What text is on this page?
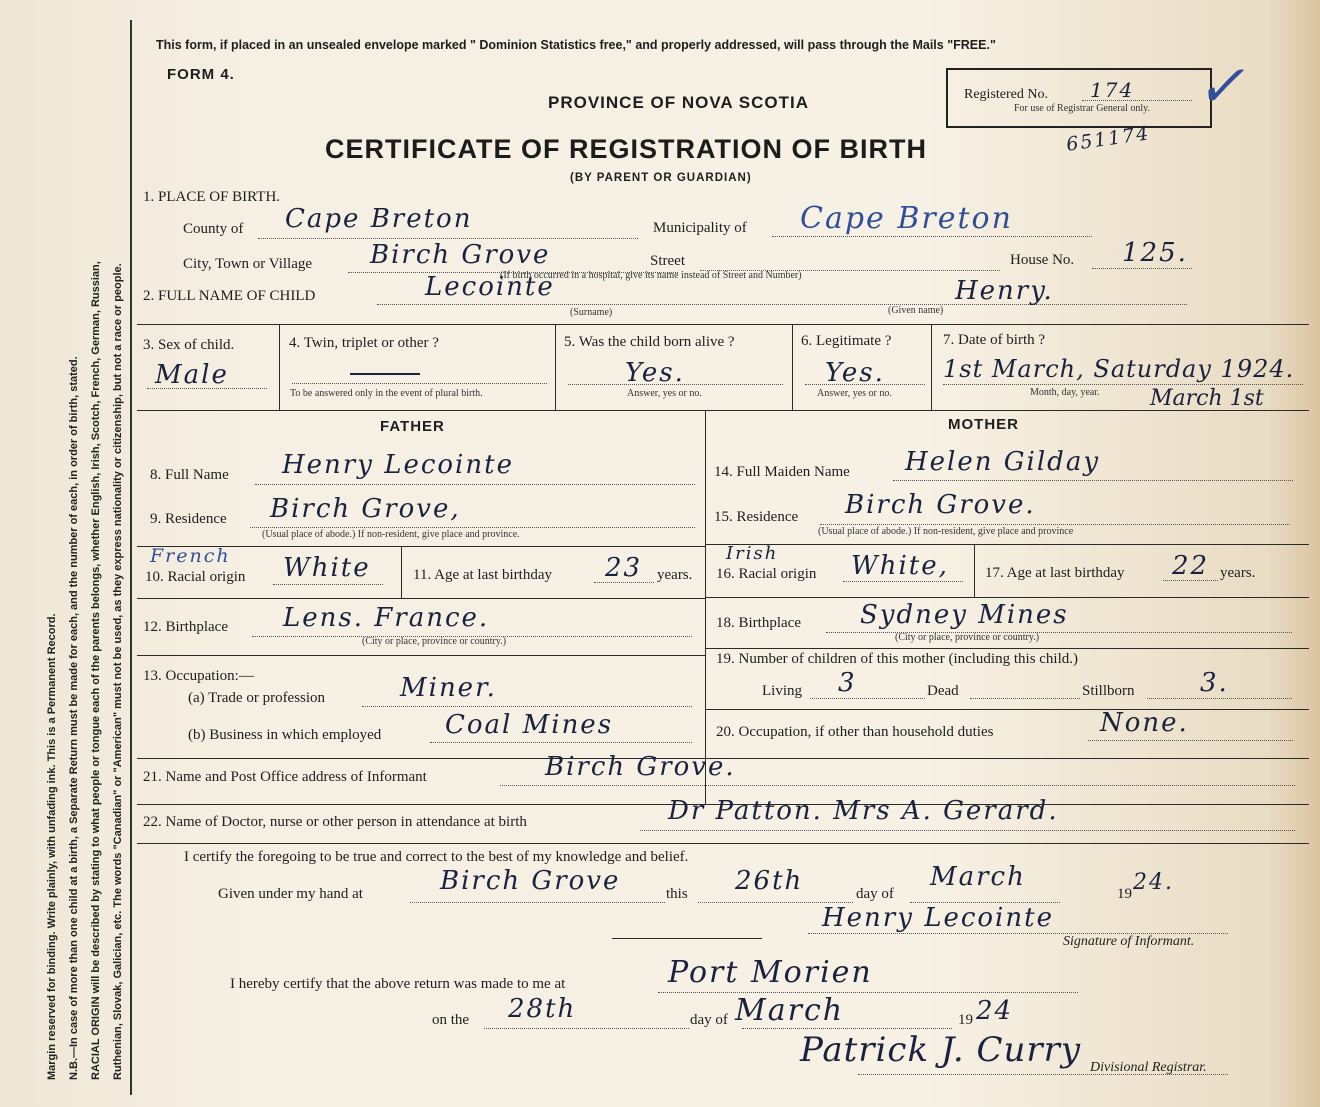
Margin reserved for binding. Write plainly, with unfading ink. This is a Permanent Record. N.B.—In case of more than one child at a birth, a Separate Return must be made for each, and the number of each, in order of birth, stated. RACIAL ORIGIN will be described by stating to what people or tongue each of the parents belongs, whether English, Irish, Scotch, French, German, Russian, Ruthenian, Slovak, Galician, etc. The words "Canadian" or "American" must not be used, as they express nationality or citizenship, but not a race or people.
This form, if placed in an unsealed envelope marked " Dominion Statistics free," and properly addressed, will pass through the Mails "FREE."
FORM 4.
PROVINCE OF NOVA SCOTIA
CERTIFICATE OF REGISTRATION OF BIRTH
(BY PARENT OR GUARDIAN)
Registered No. 174
For use of Registrar General only. ✓
651174
1. PLACE OF BIRTH.
County of Cape Breton	Municipality of Cape Breton
City, Town or Village Birch Grove	Street	House No. 125.
(If birth occurred in a hospital, give its name instead of Street and Number)
2. FULL NAME OF CHILD	Lecointe
(Surname)
Henry.
(Given name)
3. Sex of child.
Male
4. Twin, triplet or other ?
To be answered only in the event of plural birth.
5. Was the child born alive ?
Yes.
Answer, yes or no.
6. Legitimate ?
Yes.
Answer, yes or no.
7. Date of birth ?
1st March, Saturday 1924.
Month, day, year. March 1st
FATHER
8. Full Name Henry Lecointe
9. Residence Birch Grove,
(Usual place of abode.) If non-resident, give place and province.
French
10. Racial origin White	11. Age at last birthday 23 years.
12. Birthplace Lens. France.
(City or place, province or country.)
13. Occupation:—
(a) Trade or profession	Miner.
(b) Business in which employed Coal Mines
MOTHER
14. Full Maiden Name Helen Gilday
15. Residence Birch Grove.
(Usual place of abode.) If non-resident, give place and province
Irish
16. Racial origin White, 17. Age at last birthday 22 years.
18. Birthplace Sydney Mines
(City or place, province or country.)
19. Number of children of this mother (including this child.)
Living 3	Dead	Stillborn	3.
20. Occupation, if other than household duties	None.
21. Name and Post Office address of Informant	Birch Grove.
22. Name of Doctor, nurse or other person in attendance at birth	Dr Patton. Mrs A. Gerard.
I certify the foregoing to be true and correct to the best of my knowledge and belief.
Given under my hand at	Birch Grove	this 26th	day of
March
19 24.
Henry Lecointe
Signature of Informant.
I hereby certify that the above return was made to me at	Port Morien
on the 28th	day of March	19 24
Patrick J. Curry Divisional Registrar.
